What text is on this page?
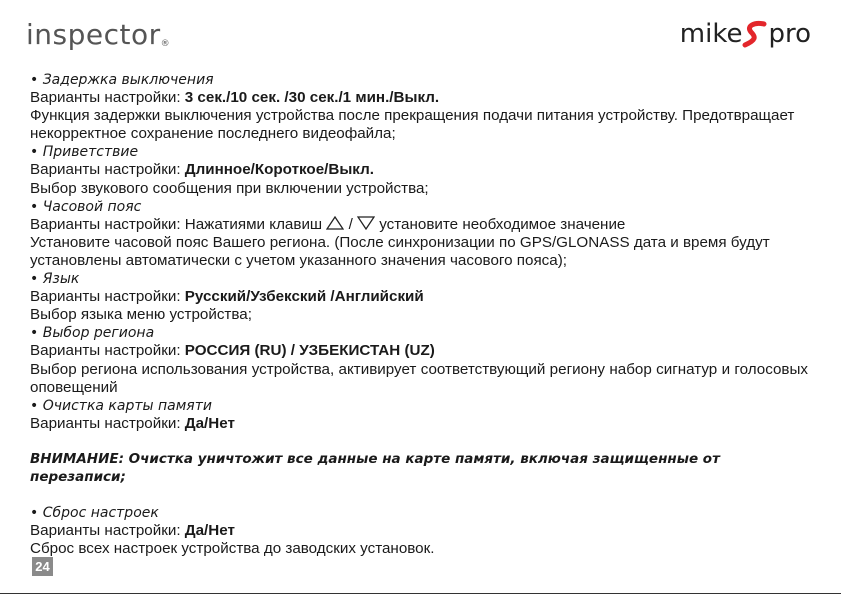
inspector®	mike pro

• Задержка выключения

Варианты настройки: 3 сек./10 сек. /30 сек./1 мин./Выкл.

Функция задержки выключения устройства после прекращения подачи питания устройству. Предотвращает

некорректное сохранение последнего видеофайла;

• Приветствие

Варианты настройки: Длинное/Короткое/Выкл.

Выбор звукового сообщения при включении устройства;

• Часовой пояс

Варианты настройки: Нажатиями клавиш  /  установите необходимое значение

Установите часовой пояс Вашего региона. (После синхронизации по GPS/GLONASS дата и время будут

установлены автоматически с учетом указанного значения часового пояса);

• Язык

Варианты настройки: Русский/Узбекский /Английский

Выбор языка меню устройства;

• Выбор региона

Варианты настройки: РОССИЯ (RU) / УЗБЕКИСТАН (UZ)

Выбор региона использования устройства, активирует соответствующий региону набор сигнатур и голосовых

оповещений

• Очистка карты памяти

Варианты настройки: Да/Нет

ВНИМАНИЕ: Очистка уничтожит все данные на карте памяти, включая защищенные от перезаписи;

• Сброс настроек

Варианты настройки: Да/Нет

Сброс всех настроек устройства до заводских установок.

24
